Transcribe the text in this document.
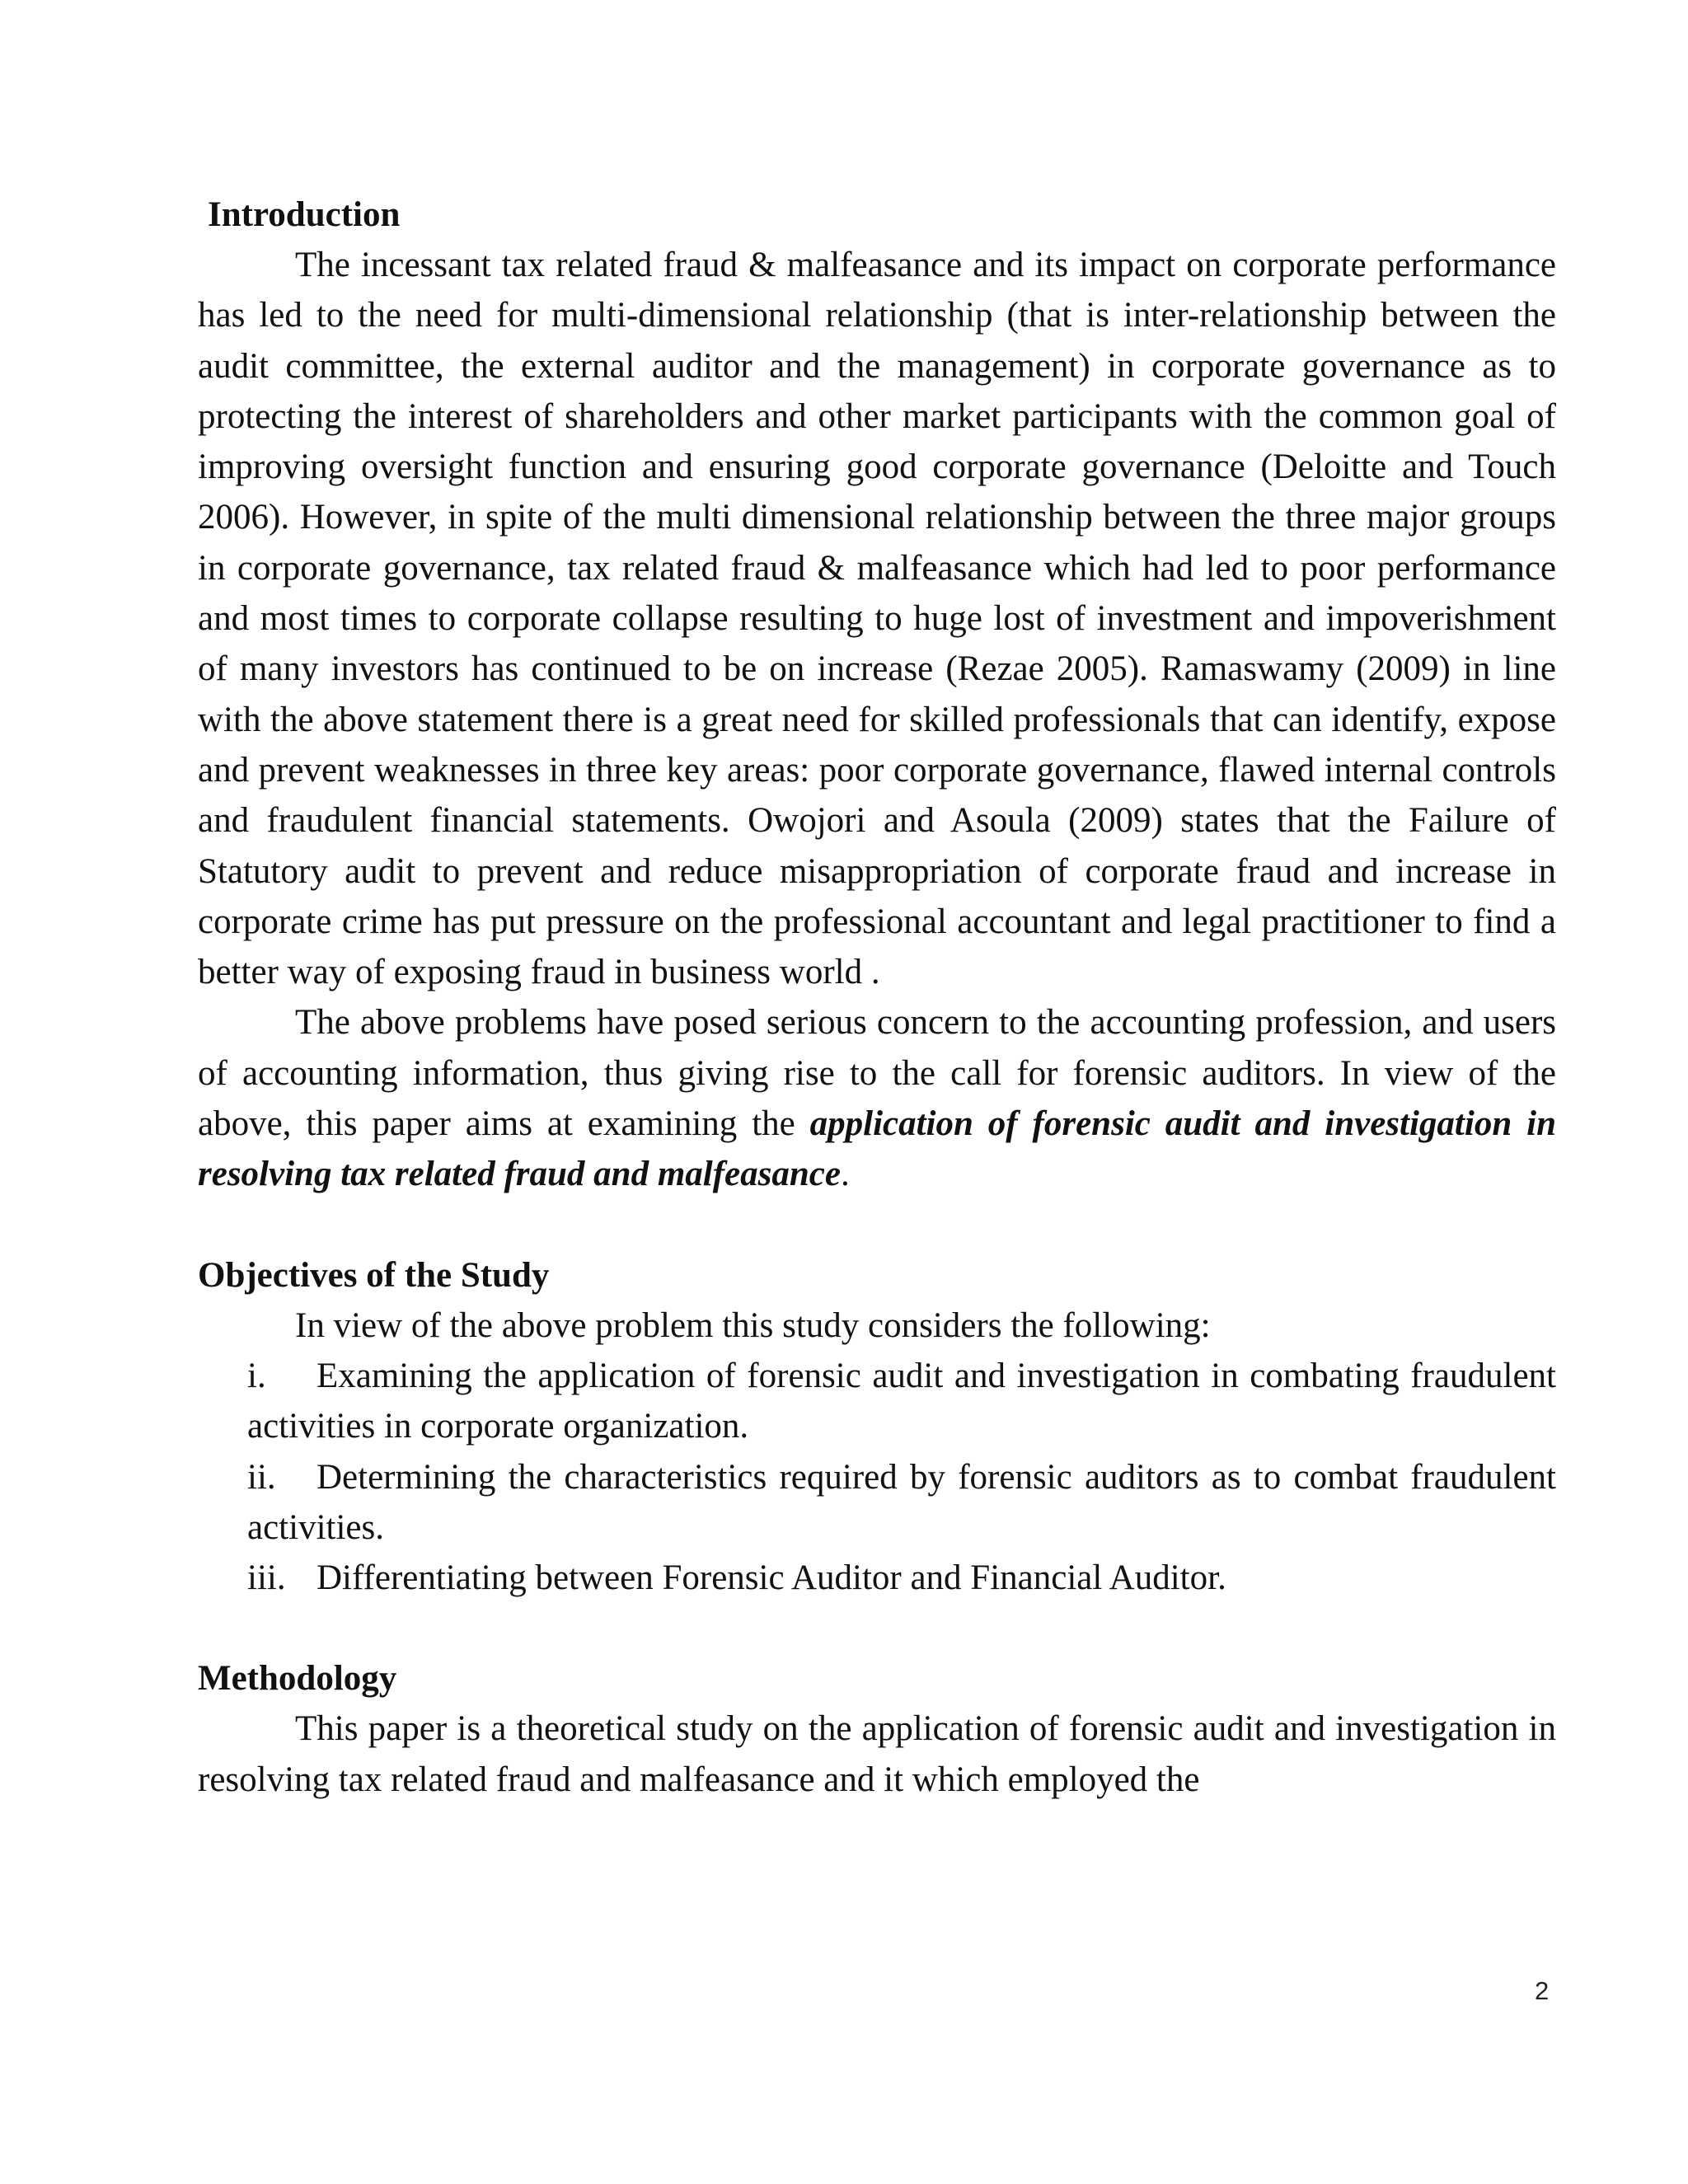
Introduction

The incessant tax related fraud & malfeasance and its impact on corporate performance has led to the need for multi-dimensional relationship (that is inter-relationship between the audit committee, the external auditor and the management) in corporate governance as to protecting the interest of shareholders and other market participants with the common goal of improving oversight function and ensuring good corporate governance (Deloitte and Touch 2006). However, in spite of the multi dimensional relationship between the three major groups in corporate governance, tax related fraud & malfeasance which had led to poor performance and most times to corporate collapse resulting to huge lost of investment and impoverishment of many investors has continued to be on increase (Rezae 2005). Ramaswamy (2009) in line with the above statement there is a great need for skilled professionals that can identify, expose and prevent weaknesses in three key areas: poor corporate governance, flawed internal controls and fraudulent financial statements. Owojori and Asoula (2009) states that the Failure of Statutory audit to prevent and reduce misappropriation of corporate fraud and increase in corporate crime has put pressure on the professional accountant and legal practitioner to find a better way of exposing fraud in business world .

The above problems have posed serious concern to the accounting profession, and users of accounting information, thus giving rise to the call for forensic auditors. In view of the above, this paper aims at examining the application of forensic audit and investigation in resolving tax related fraud and malfeasance.

Objectives of the Study

In view of the above problem this study considers the following:

i. Examining the application of forensic audit and investigation in combating fraudulent activities in corporate organization.
ii. Determining the characteristics required by forensic auditors as to combat fraudulent activities.
iii. Differentiating between Forensic Auditor and Financial Auditor.
Methodology

This paper is a theoretical study on the application of forensic audit and investigation in resolving tax related fraud and malfeasance and it which employed the

2
